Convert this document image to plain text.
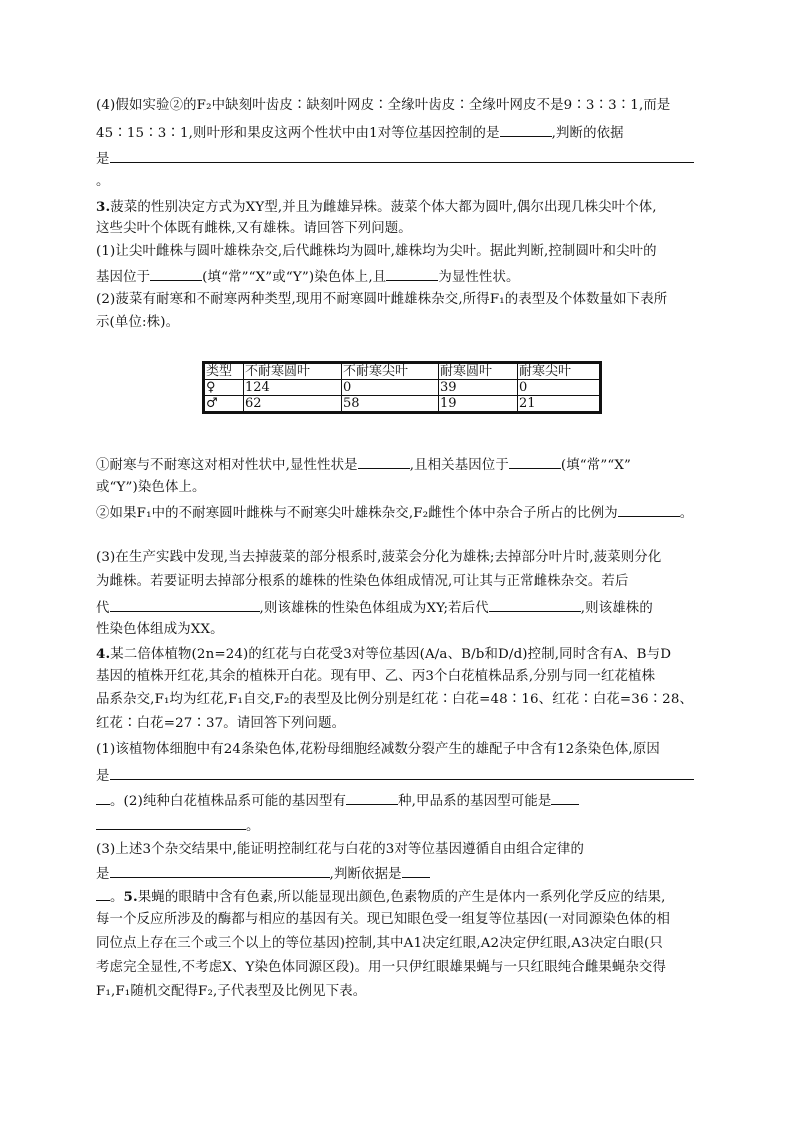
(4)假如实验②的F₂中缺刻叶齿皮∶缺刻叶网皮∶全缘叶齿皮∶全缘叶网皮不是9∶3∶3∶1,而是
45∶15∶3∶1,则叶形和果皮这两个性状中由1对等位基因控制的是	,判断的依据
是
。
3.菠菜的性别决定方式为XY型,并且为雌雄异株。菠菜个体大都为圆叶,偶尔出现几株尖叶个体,
这些尖叶个体既有雌株,又有雄株。请回答下列问题。
(1)让尖叶雌株与圆叶雄株杂交,后代雌株均为圆叶,雄株均为尖叶。据此判断,控制圆叶和尖叶的
基因位于	(填“常”“X”或“Y”)染色体上,且	为显性性状。
(2)菠菜有耐寒和不耐寒两种类型,现用不耐寒圆叶雌雄株杂交,所得F₁的表型及个体数量如下表所
示(单位:株)。
类型	不耐寒圆叶	不耐寒尖叶	耐寒圆叶	耐寒尖叶
♀	124	0	39	0
♂	62	58	19	21
①耐寒与不耐寒这对相对性状中,显性性状是	,且相关基因位于	(填“常”“X”
或“Y”)染色体上。
②如果F₁中的不耐寒圆叶雌株与不耐寒尖叶雄株杂交,F₂雌性个体中杂合子所占的比例为	。
(3)在生产实践中发现,当去掉菠菜的部分根系时,菠菜会分化为雄株;去掉部分叶片时,菠菜则分化
为雌株。若要证明去掉部分根系的雄株的性染色体组成情况,可让其与正常雌株杂交。若后
代	,则该雄株的性染色体组成为XY;若后代	,则该雄株的
性染色体组成为XX。
4.某二倍体植物(2n=24)的红花与白花受3对等位基因(A/a、B/b和D/d)控制,同时含有A、B与D
基因的植株开红花,其余的植株开白花。现有甲、乙、丙3个白花植株品系,分别与同一红花植株
品系杂交,F₁均为红花,F₁自交,F₂的表型及比例分别是红花∶白花=48∶16、红花∶白花=36∶28、
红花∶白花=27∶37。请回答下列问题。
(1)该植物体细胞中有24条染色体,花粉母细胞经减数分裂产生的雄配子中含有12条染色体,原因
是
。(2)纯种白花植株品系可能的基因型有	种,甲品系的基因型可能是
。
(3)上述3个杂交结果中,能证明控制红花与白花的3对等位基因遵循自由组合定律的
是	,判断依据是
。5.果蝇的眼睛中含有色素,所以能显现出颜色,色素物质的产生是体内一系列化学反应的结果,
每一个反应所涉及的酶都与相应的基因有关。现已知眼色受一组复等位基因(一对同源染色体的相
同位点上存在三个或三个以上的等位基因)控制,其中A1决定红眼,A2决定伊红眼,A3决定白眼(只
考虑完全显性,不考虑X、Y染色体同源区段)。用一只伊红眼雄果蝇与一只红眼纯合雌果蝇杂交得
F₁,F₁随机交配得F₂,子代表型及比例见下表。
